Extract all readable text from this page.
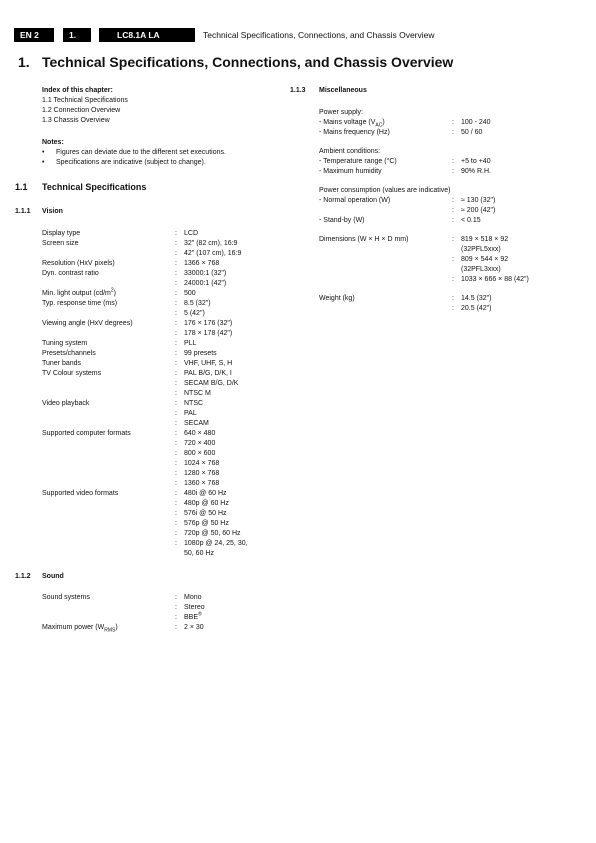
EN 2	1.	LC8.1A LA	Technical Specifications, Connections, and Chassis Overview
1. Technical Specifications, Connections, and Chassis Overview
Index of this chapter:
1.1 Technical Specifications
1.2 Connection Overview
1.3 Chassis Overview
Notes:
• Figures can deviate due to the different set executions.
• Specifications are indicative (subject to change).
1.1 Technical Specifications
1.1.1 Vision
Display type	: LCD
Screen size	: 32" (82 cm), 16:9
: 42" (107 cm), 16:9
Resolution (HxV pixels)	: 1366 × 768
Dyn. contrast ratio	: 33000:1 (32")
: 24000:1 (42")
Min. light output $(cd/m^2)$	: 500
Typ. response time (ms)	: 8.5 (32")
: 5 (42")
Viewing angle (HxV degrees)	: 176 × 176 (32")
: 178 × 178 (42")
Tuning system	: PLL
Presets/channels	: 99 presets
Tuner bands	: VHF, UHF, S, H
TV Colour systems	: PAL B/G, D/K, I
: SECAM B/G, D/K
: NTSC M
Video playback	: NTSC
: PAL
: SECAM
Supported computer formats	: 640 × 480
: 720 × 400
: 800 × 600
: 1024 × 768
: 1280 × 768
: 1360 × 768
Supported video formats	: 480i @ 60 Hz
: 480p @ 60 Hz
: 576i @ 50 Hz
: 576p @ 50 Hz
: 720p @ 50, 60 Hz
: 1080p @ 24, 25, 30,
50, 60 Hz
1.1.2 Sound
Sound systems	: Mono
: Stereo
: BBE®
Maximum power $(W_{RMS})$	: 2 × 30
1.1.3 Miscellaneous
Power supply:
- Mains voltage $(V_{AC})$	: 100 - 240
- Mains frequency (Hz)	: 50 / 60
Ambient conditions:
- Temperature range (°C)	: +5 to +40
- Maximum humidity	: 90% R.H.
Power consumption (values are indicative)
- Normal operation (W)	: ≈ 130 (32")
: ≈ 200 (42")
- Stand-by (W)	: < 0.15
Dimensions (W × H × D mm)	: 819 × 518 × 92
(32PFL5xxx)
: 809 × 544 × 92
(32PFL3xxx)
: 1033 × 666 × 88 (42")
Weight (kg)	: 14.5 (32")
: 20.5 (42")
